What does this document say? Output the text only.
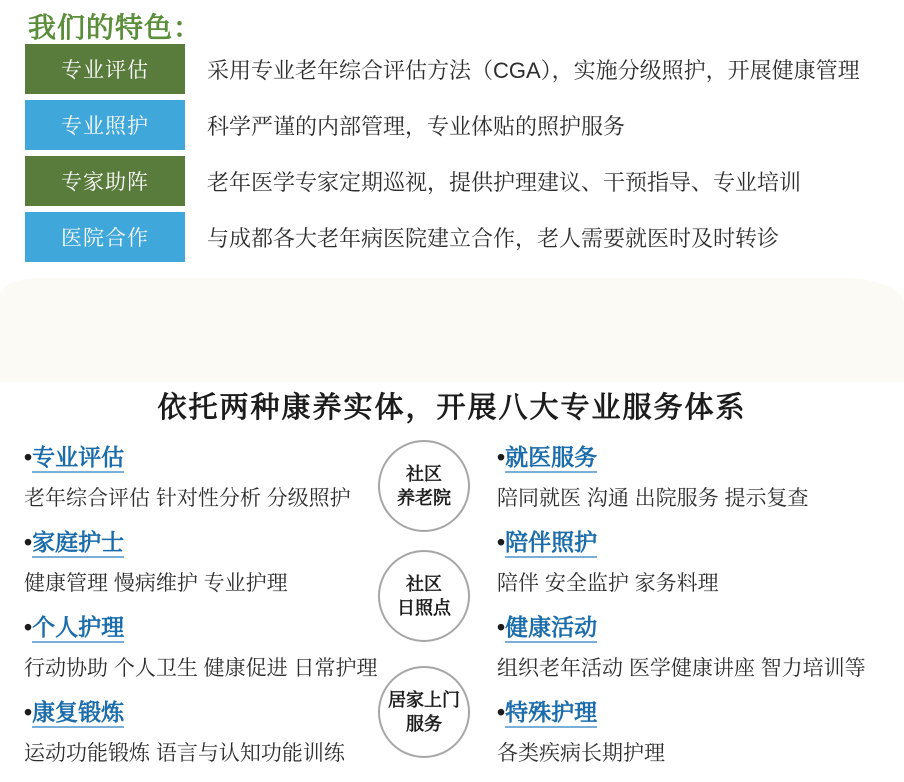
我们的特色：
专业评估	采用专业老年综合评估方法（CGA），实施分级照护，开展健康管理
专业照护	科学严谨的内部管理，专业体贴的照护服务
专家助阵	老年医学专家定期巡视，提供护理建议、干预指导、专业培训
医院合作	与成都各大老年病医院建立合作，老人需要就医时及时转诊
依托两种康养实体，开展八大专业服务体系
•专业评估
老年综合评估 针对性分析 分级照护
•家庭护士
健康管理 慢病维护 专业护理
•个人护理
行动协助 个人卫生 健康促进 日常护理
•康复锻炼
运动功能锻炼 语言与认知功能训练
•就医服务
陪同就医 沟通 出院服务 提示复查
•陪伴照护
陪伴 安全监护 家务料理
•健康活动
组织老年活动 医学健康讲座 智力培训等
•特殊护理
各类疾病长期护理
社区
养老院
社区
日照点
居家上门
服务
